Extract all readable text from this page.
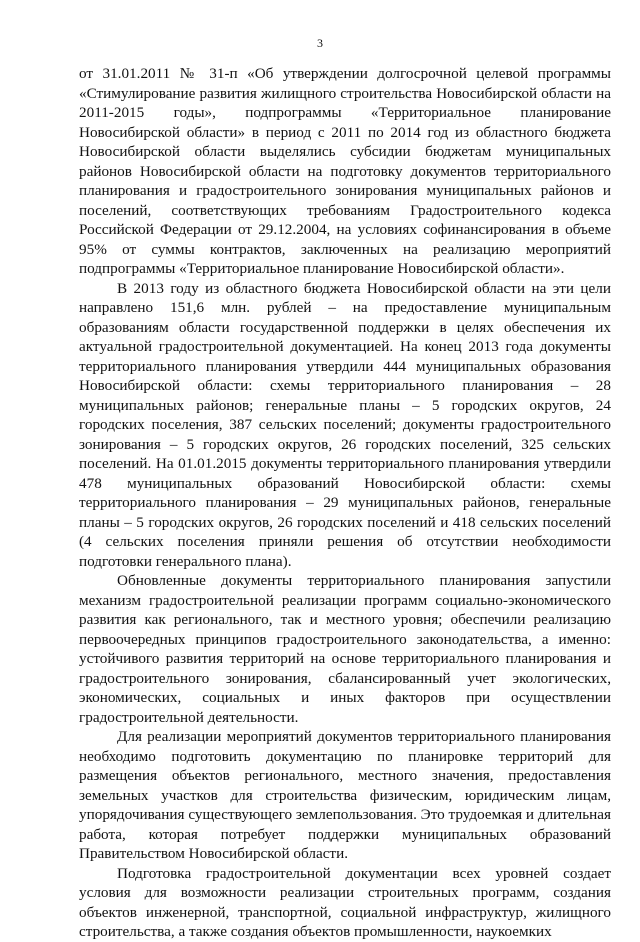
3

от 31.01.2011 № 31-п «Об утверждении долгосрочной целевой программы «Стимулирование развития жилищного строительства Новосибирской области на 2011-2015 годы», подпрограммы «Территориальное планирование Новосибирской области» в период с 2011 по 2014 год из областного бюджета Новосибирской области выделялись субсидии бюджетам муниципальных районов Новосибирской области на подготовку документов территориального планирования и градостроительного зонирования муниципальных районов и поселений, соответствующих требованиям Градостроительного кодекса Российской Федерации от 29.12.2004, на условиях софинансирования в объеме 95% от суммы контрактов, заключенных на реализацию мероприятий подпрограммы «Территориальное планирование Новосибирской области».

В 2013 году из областного бюджета Новосибирской области на эти цели направлено 151,6 млн. рублей – на предоставление муниципальным образованиям области государственной поддержки в целях обеспечения их актуальной градостроительной документацией. На конец 2013 года документы территориального планирования утвердили 444 муниципальных образования Новосибирской области: схемы территориального планирования – 28 муниципальных районов; генеральные планы – 5 городских округов, 24 городских поселения, 387 сельских поселений; документы градостроительного зонирования – 5 городских округов, 26 городских поселений, 325 сельских поселений. На 01.01.2015 документы территориального планирования утвердили 478 муниципальных образований Новосибирской области: схемы территориального планирования – 29 муниципальных районов, генеральные планы – 5 городских округов, 26 городских поселений и 418 сельских поселений (4 сельских поселения приняли решения об отсутствии необходимости подготовки генерального плана).

Обновленные документы территориального планирования запустили механизм градостроительной реализации программ социально-экономического развития как регионального, так и местного уровня; обеспечили реализацию первоочередных принципов градостроительного законодательства, а именно: устойчивого развития территорий на основе территориального планирования и градостроительного зонирования, сбалансированный учет экологических, экономических, социальных и иных факторов при осуществлении градостроительной деятельности.

Для реализации мероприятий документов территориального планирования необходимо подготовить документацию по планировке территорий для размещения объектов регионального, местного значения, предоставления земельных участков для строительства физическим, юридическим лицам, упорядочивания существующего землепользования. Это трудоемкая и длительная работа, которая потребует поддержки муниципальных образований Правительством Новосибирской области.

Подготовка градостроительной документации всех уровней создает условия для возможности реализации строительных программ, создания объектов инженерной, транспортной, социальной инфраструктур, жилищного строительства, а также создания объектов промышленности, наукоемких
